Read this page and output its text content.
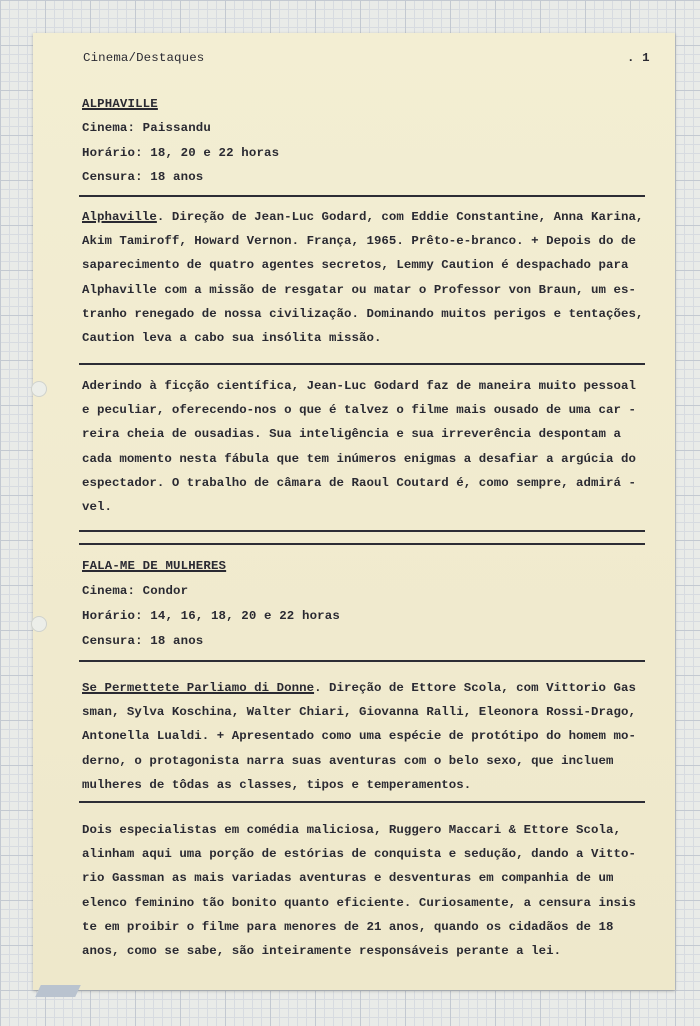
Cinema/Destaques	. 1
ALPHAVILLE
Cinema: Paissandu
Horário: 18, 20 e 22 horas
Censura: 18 anos
Alphaville. Direção de Jean-Luc Godard, com Eddie Constantine, Anna Karina,
Akim Tamiroff, Howard Vernon. França, 1965. Prêto-e-branco. + Depois do de
saparecimento de quatro agentes secretos, Lemmy Caution é despachado para
Alphaville com a missão de resgatar ou matar o Professor von Braun, um es-
tranho renegado de nossa civilização. Dominando muitos perigos e tentações,
Caution leva a cabo sua insólita missão.
Aderindo à ficção científica, Jean-Luc Godard faz de maneira muito pessoal
e peculiar, oferecendo-nos o que é talvez o filme mais ousado de uma car -
reira cheia de ousadias. Sua inteligência e sua irreverência despontam a
cada momento nesta fábula que tem inúmeros enigmas a desafiar a argúcia do
espectador. O trabalho de câmara de Raoul Coutard é, como sempre, admirá -
vel.
FALA-ME DE MULHERES
Cinema: Condor
Horário: 14, 16, 18, 20 e 22 horas
Censura: 18 anos
Se Permettete Parliamo di Donne. Direção de Ettore Scola, com Vittorio Gas
sman, Sylva Koschina, Walter Chiari, Giovanna Ralli, Eleonora Rossi-Drago,
Antonella Lualdi. + Apresentado como uma espécie de protótipo do homem mo-
derno, o protagonista narra suas aventuras com o belo sexo, que incluem
mulheres de tôdas as classes, tipos e temperamentos.
Dois especialistas em comédia maliciosa, Ruggero Maccari & Ettore Scola,
alinham aqui uma porção de estórias de conquista e sedução, dando a Vitto-
rio Gassman as mais variadas aventuras e desventuras em companhia de um
elenco feminino tão bonito quanto eficiente. Curiosamente, a censura insis
te em proibir o filme para menores de 21 anos, quando os cidadãos de 18
anos, como se sabe, são inteiramente responsáveis perante a lei.
